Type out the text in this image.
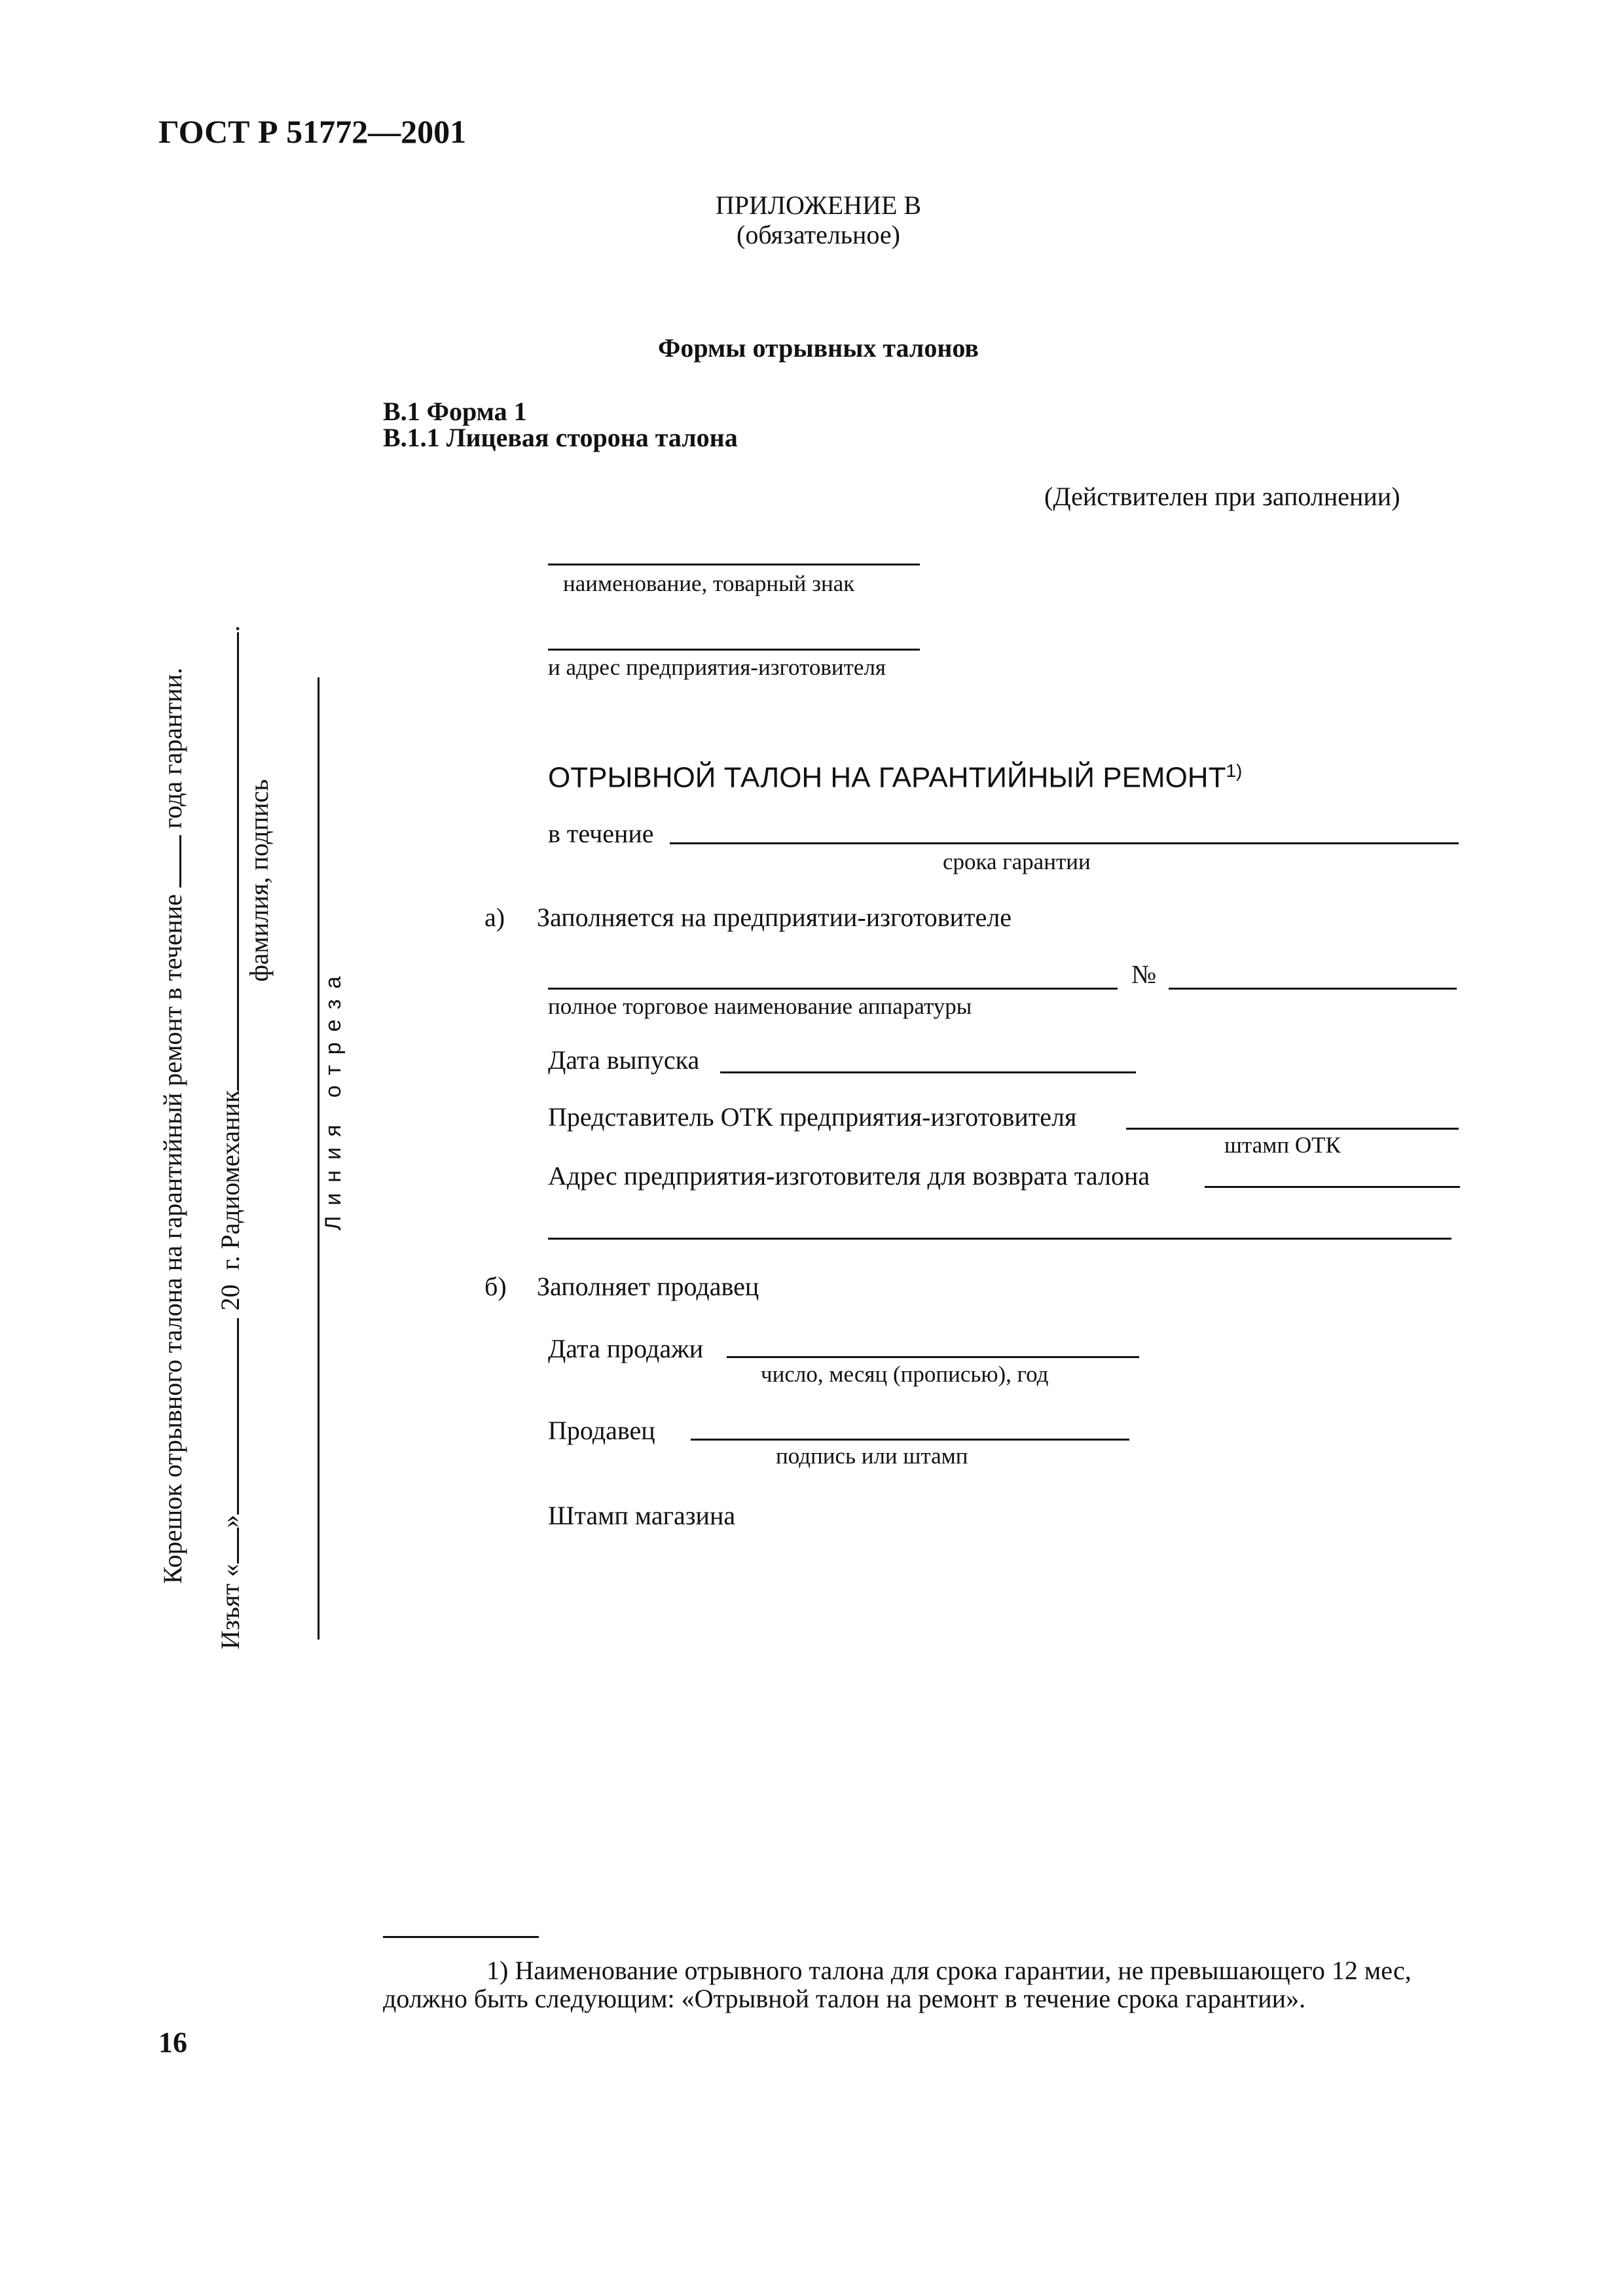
ГОСТ Р 51772—2001
ПРИЛОЖЕНИЕ В
(обязательное)
Формы отрывных талонов
В.1 Форма 1
В.1.1 Лицевая сторона талона
(Действителен при заполнении)
наименование, товарный знак
и адрес предприятия-изготовителя
ОТРЫВНОЙ ТАЛОН НА ГАРАНТИЙНЫЙ РЕМОНТ$^{1)}$
в течение
срока гарантии
а) Заполняется на предприятии-изготовителе
№
полное торговое наименование аппаратуры
Дата выпуска
Представитель ОТК предприятия-изготовителя
штамп ОТК
Адрес предприятия-изготовителя для возврата талона
б) Заполняет продавец
Дата продажи
число, месяц (прописью), год
Продавец
подпись или штамп
Штамп магазина
Корешок отрывного талона на гарантийный ремонт в течениегода гарантии.
Изъят «»20г. Радиомеханик.
фамилия, подпись
Линия отреза
1) Наименование отрывного талона для срока гарантии, не превышающего 12 мес,
должно быть следующим: «Отрывной талон на ремонт в течение срока гарантии».
16
